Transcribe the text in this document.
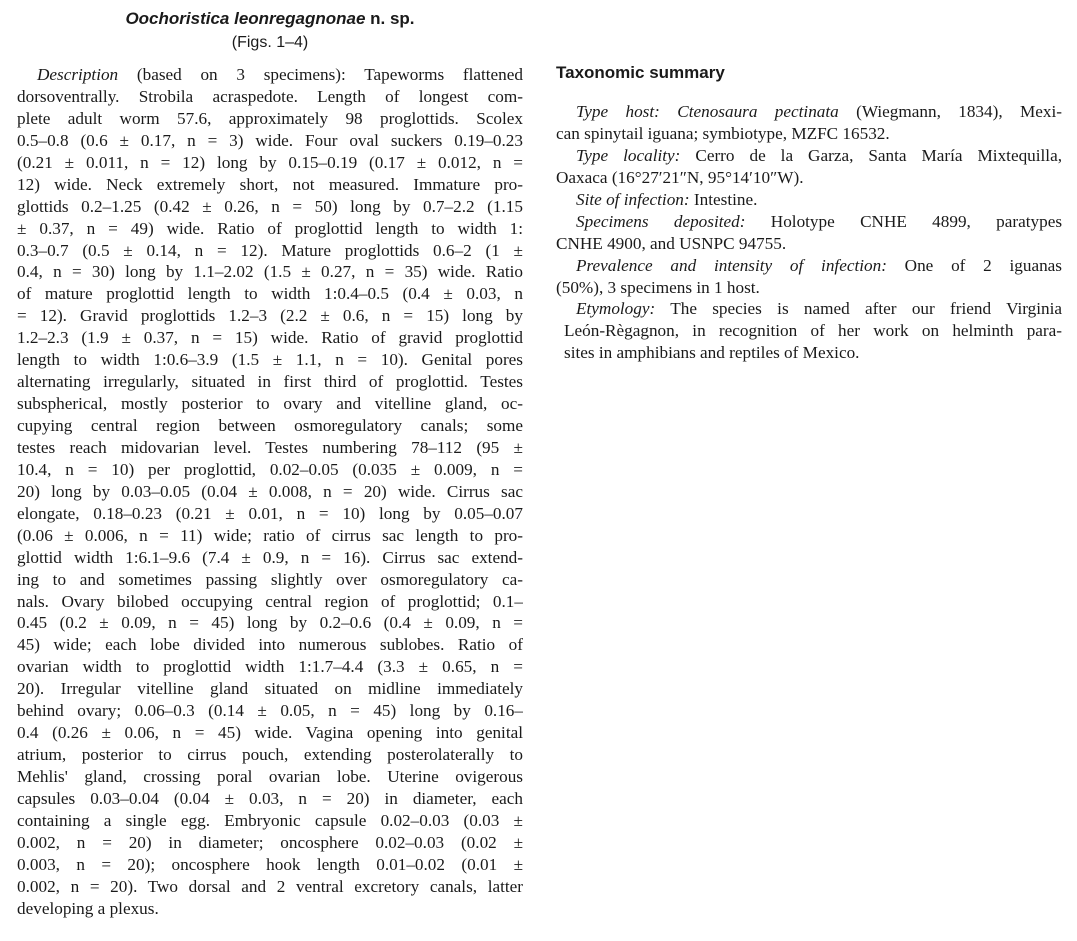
Oochoristica leonregagnonae n. sp.
(Figs. 1–4)
Description (based on 3 specimens): Tapeworms flattened
dorsoventrally. Strobila acraspedote. Length of longest com-
plete adult worm 57.6, approximately 98 proglottids. Scolex
0.5–0.8 (0.6 ± 0.17, n = 3) wide. Four oval suckers 0.19–0.23
(0.21 ± 0.011, n = 12) long by 0.15–0.19 (0.17 ± 0.012, n =
12) wide. Neck extremely short, not measured. Immature pro-
glottids 0.2–1.25 (0.42 ± 0.26, n = 50) long by 0.7–2.2 (1.15
± 0.37, n = 49) wide. Ratio of proglottid length to width 1:
0.3–0.7 (0.5 ± 0.14, n = 12). Mature proglottids 0.6–2 (1 ±
0.4, n = 30) long by 1.1–2.02 (1.5 ± 0.27, n = 35) wide. Ratio
of mature proglottid length to width 1:0.4–0.5 (0.4 ± 0.03, n
= 12). Gravid proglottids 1.2–3 (2.2 ± 0.6, n = 15) long by
1.2–2.3 (1.9 ± 0.37, n = 15) wide. Ratio of gravid proglottid
length to width 1:0.6–3.9 (1.5 ± 1.1, n = 10). Genital pores
alternating irregularly, situated in first third of proglottid. Testes
subspherical, mostly posterior to ovary and vitelline gland, oc-
cupying central region between osmoregulatory canals; some
testes reach midovarian level. Testes numbering 78–112 (95 ±
10.4, n = 10) per proglottid, 0.02–0.05 (0.035 ± 0.009, n =
20) long by 0.03–0.05 (0.04 ± 0.008, n = 20) wide. Cirrus sac
elongate, 0.18–0.23 (0.21 ± 0.01, n = 10) long by 0.05–0.07
(0.06 ± 0.006, n = 11) wide; ratio of cirrus sac length to pro-
glottid width 1:6.1–9.6 (7.4 ± 0.9, n = 16). Cirrus sac extend-
ing to and sometimes passing slightly over osmoregulatory ca-
nals. Ovary bilobed occupying central region of proglottid; 0.1–
0.45 (0.2 ± 0.09, n = 45) long by 0.2–0.6 (0.4 ± 0.09, n =
45) wide; each lobe divided into numerous sublobes. Ratio of
ovarian width to proglottid width 1:1.7–4.4 (3.3 ± 0.65, n =
20). Irregular vitelline gland situated on midline immediately
behind ovary; 0.06–0.3 (0.14 ± 0.05, n = 45) long by 0.16–
0.4 (0.26 ± 0.06, n = 45) wide. Vagina opening into genital
atrium, posterior to cirrus pouch, extending posterolaterally to
Mehlis' gland, crossing poral ovarian lobe. Uterine ovigerous
capsules 0.03–0.04 (0.04 ± 0.03, n = 20) in diameter, each
containing a single egg. Embryonic capsule 0.02–0.03 (0.03 ±
0.002, n = 20) in diameter; oncosphere 0.02–0.03 (0.02 ±
0.003, n = 20); oncosphere hook length 0.01–0.02 (0.01 ±
0.002, n = 20). Two dorsal and 2 ventral excretory canals, latter
developing a plexus.
Taxonomic summary
Type host: Ctenosaura pectinata (Wiegmann, 1834), Mexi-
can spinytail iguana; symbiotype, MZFC 16532.
Type locality: Cerro de la Garza, Santa María Mixtequilla,
Oaxaca (16°27′21″N, 95°14′10″W).
Site of infection: Intestine.
Specimens deposited: Holotype CNHE 4899, paratypes
CNHE 4900, and USNPC 94755.
Prevalence and intensity of infection: One of 2 iguanas
(50%), 3 specimens in 1 host.
Etymology: The species is named after our friend Virginia
León-Règagnon, in recognition of her work on helminth para-
sites in amphibians and reptiles of Mexico.
